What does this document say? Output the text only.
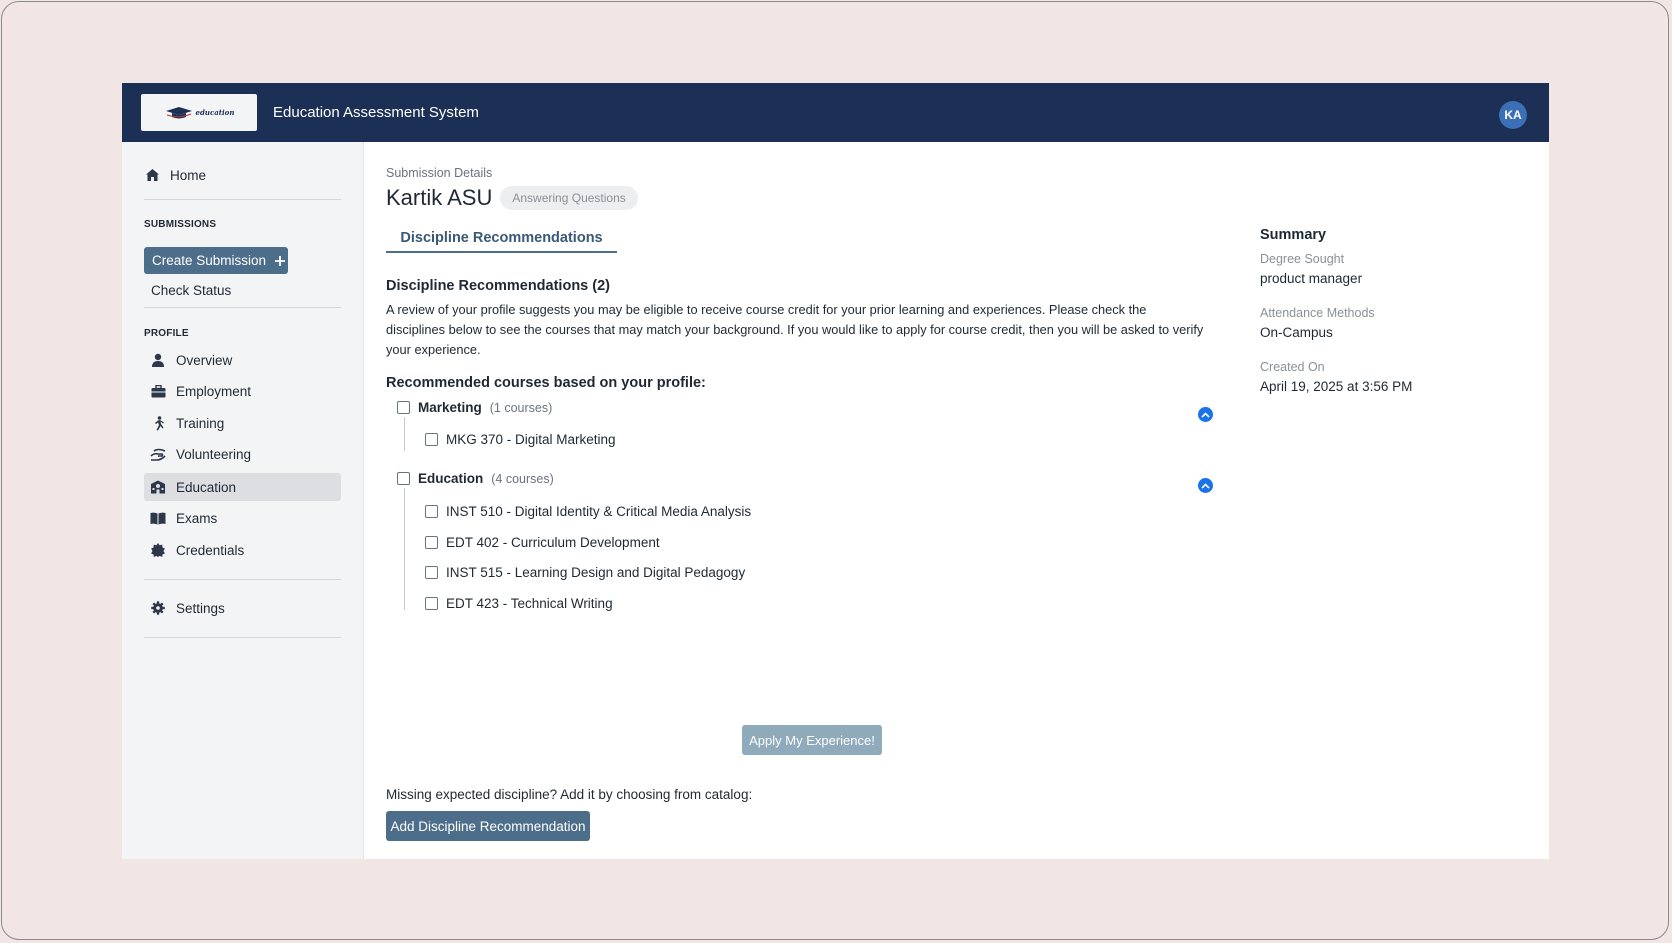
education	Education Assessment System	KA
Home
SUBMISSIONS
Create Submission
Check Status
PROFILE
Overview
Employment
Training
Volunteering
Education
Exams
Credentials
Settings
Submission Details
Kartik ASU	Answering Questions
Discipline Recommendations
Discipline Recommendations (2)
A review of your profile suggests you may be eligible to receive course credit for your prior learning and experiences. Please check the disciplines below to see the courses that may match your background. If you would like to apply for course credit, then you will be asked to verify your experience.
Recommended courses based on your profile:
Marketing (1 courses)
MKG 370 - Digital Marketing
Education (4 courses)
INST 510 - Digital Identity & Critical Media Analysis
EDT 402 - Curriculum Development
INST 515 - Learning Design and Digital Pedagogy
EDT 423 - Technical Writing
Apply My Experience!
Missing expected discipline? Add it by choosing from catalog:
Add Discipline Recommendation
Summary
Degree Sought
product manager
Attendance Methods
On-Campus
Created On
April 19, 2025 at 3:56 PM
